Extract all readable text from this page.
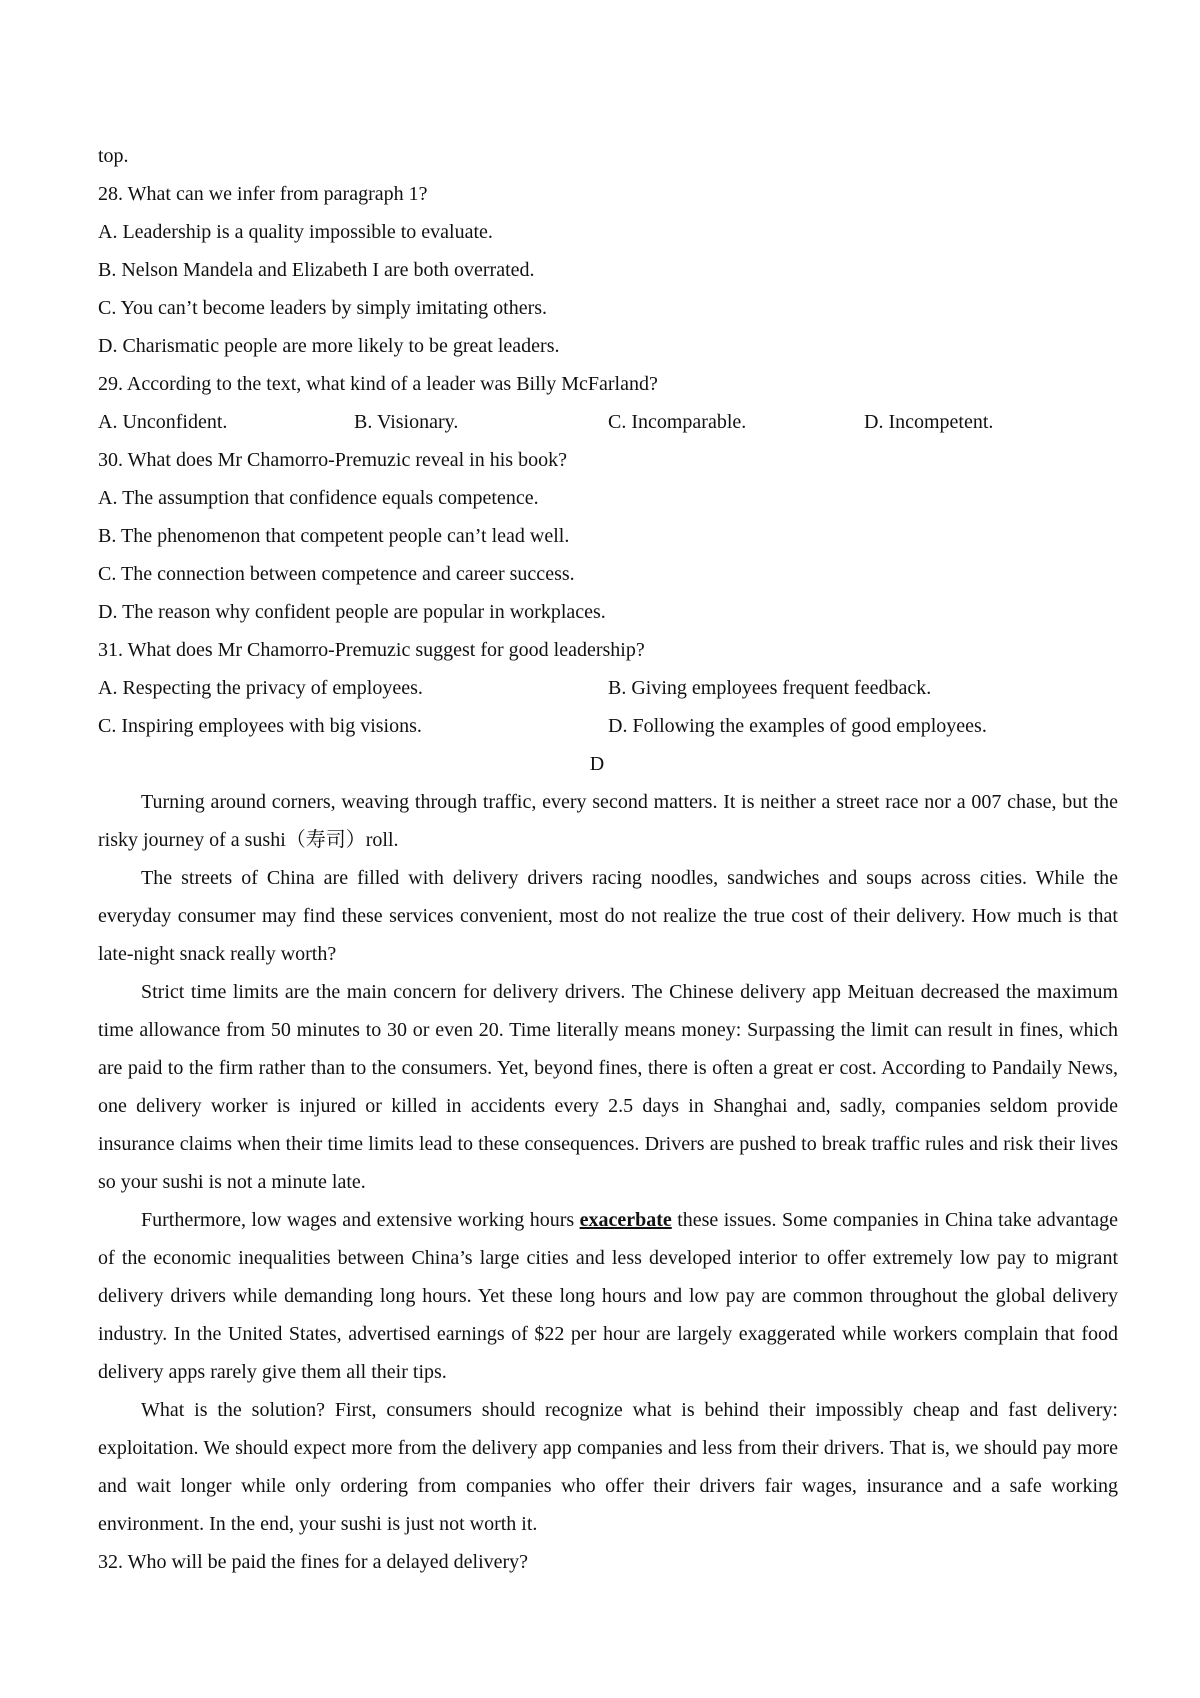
top.
28. What can we infer from paragraph 1?
A. Leadership is a quality impossible to evaluate.
B. Nelson Mandela and Elizabeth I are both overrated.
C. You can’t become leaders by simply imitating others.
D. Charismatic people are more likely to be great leaders.
29. According to the text, what kind of a leader was Billy McFarland?
A. Unconfident.	B. Visionary.	C. Incomparable.	D. Incompetent.
30. What does Mr Chamorro-Premuzic reveal in his book?
A. The assumption that confidence equals competence.
B. The phenomenon that competent people can’t lead well.
C. The connection between competence and career success.
D. The reason why confident people are popular in workplaces.
31. What does Mr Chamorro-Premuzic suggest for good leadership?
A. Respecting the privacy of employees.	B. Giving employees frequent feedback.
C. Inspiring employees with big visions.	D. Following the examples of good employees.
D

Turning around corners, weaving through traffic, every second matters. It is neither a street race nor a 007 chase, but the risky journey of a sushi（寿司）roll.

The streets of China are filled with delivery drivers racing noodles, sandwiches and soups across cities. While the everyday consumer may find these services convenient, most do not realize the true cost of their delivery. How much is that late-night snack really worth?

Strict time limits are the main concern for delivery drivers. The Chinese delivery app Meituan decreased the maximum time allowance from 50 minutes to 30 or even 20. Time literally means money: Surpassing the limit can result in fines, which are paid to the firm rather than to the consumers. Yet, beyond fines, there is often a great er cost. According to Pandaily News, one delivery worker is injured or killed in accidents every 2.5 days in Shanghai and, sadly, companies seldom provide insurance claims when their time limits lead to these consequences. Drivers are pushed to break traffic rules and risk their lives so your sushi is not a minute late.

Furthermore, low wages and extensive working hours exacerbate these issues. Some companies in China take advantage of the economic inequalities between China’s large cities and less developed interior to offer extremely low pay to migrant delivery drivers while demanding long hours. Yet these long hours and low pay are common throughout the global delivery industry. In the United States, advertised earnings of $22 per hour are largely exaggerated while workers complain that food delivery apps rarely give them all their tips.

What is the solution? First, consumers should recognize what is behind their impossibly cheap and fast delivery: exploitation. We should expect more from the delivery app companies and less from their drivers. That is, we should pay more and wait longer while only ordering from companies who offer their drivers fair wages, insurance and a safe working environment. In the end, your sushi is just not worth it.

32. Who will be paid the fines for a delayed delivery?
